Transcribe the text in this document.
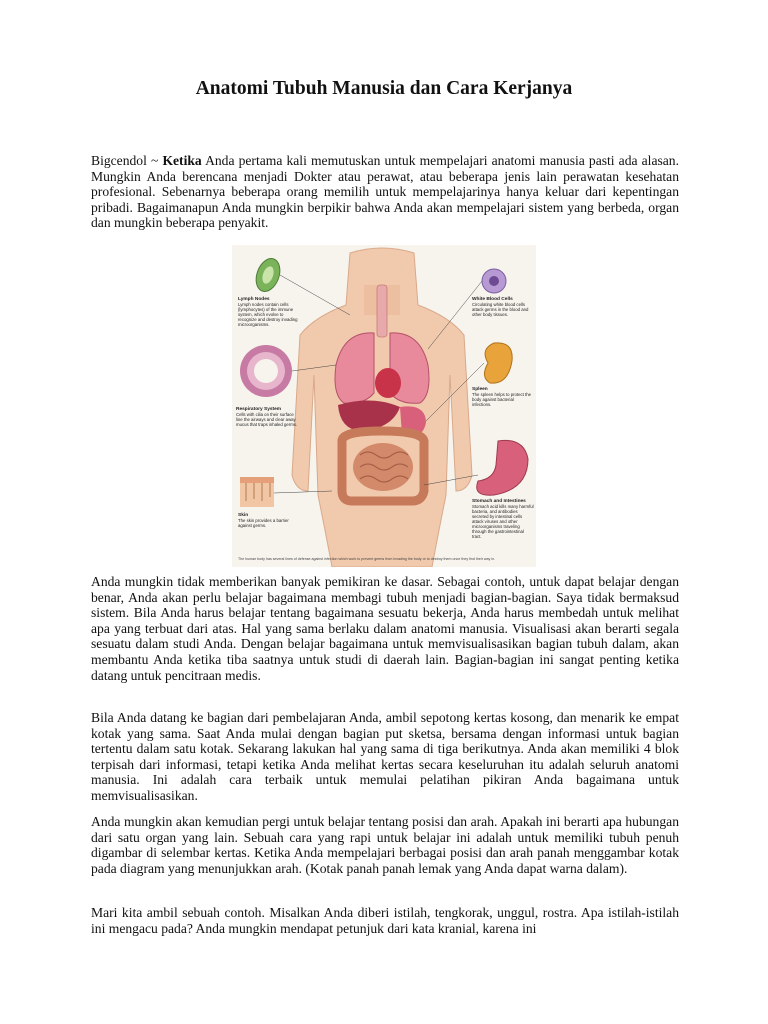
Anatomi Tubuh Manusia dan Cara Kerjanya

Bigcendol ~ Ketika Anda pertama kali memutuskan untuk mempelajari anatomi manusia pasti ada alasan. Mungkin Anda berencana menjadi Dokter atau perawat, atau beberapa jenis lain perawatan kesehatan profesional. Sebenarnya beberapa orang memilih untuk mempelajarinya hanya keluar dari kepentingan pribadi. Bagaimanapun Anda mungkin berpikir bahwa Anda akan mempelajari sistem yang berbeda, organ dan mungkin beberapa penyakit.

Lymph Nodes
Lymph nodes contain cells (lymphocytes) of the immune system, which evolve to recognize and destroy invading microorganisms.
Respiratory System
Cells with cilia on their surface line the airways and clear away mucus that traps inhaled germs.
Skin
The skin provides a barrier against germs.
White Blood Cells
Circulating white blood cells attack germs in the blood and other body tissues.
Spleen
The spleen helps to protect the body against bacterial infections.
Stomach and Intestines
Stomach acid kills many harmful bacteria, and antibodies secreted by intestinal cells attack viruses and other microorganisms traveling through the gastrointestinal tract.
The human body has several lines of defense against infection which work to prevent germs from invading the body or to destroy them once they find their way in.

Anda mungkin tidak memberikan banyak pemikiran ke dasar. Sebagai contoh, untuk dapat belajar dengan benar, Anda akan perlu belajar bagaimana membagi tubuh menjadi bagian-bagian. Saya tidak bermaksud sistem. Bila Anda harus belajar tentang bagaimana sesuatu bekerja, Anda harus membedah untuk melihat apa yang terbuat dari atas. Hal yang sama berlaku dalam anatomi manusia. Visualisasi akan berarti segala sesuatu dalam studi Anda. Dengan belajar bagaimana untuk memvisualisasikan bagian tubuh dalam, akan membantu Anda ketika tiba saatnya untuk studi di daerah lain. Bagian-bagian ini sangat penting ketika datang untuk pencitraan medis.

Bila Anda datang ke bagian dari pembelajaran Anda, ambil sepotong kertas kosong, dan menarik ke empat kotak yang sama. Saat Anda mulai dengan bagian put sketsa, bersama dengan informasi untuk bagian tertentu dalam satu kotak. Sekarang lakukan hal yang sama di tiga berikutnya. Anda akan memiliki 4 blok terpisah dari informasi, tetapi ketika Anda melihat kertas secara keseluruhan itu adalah seluruh anatomi manusia. Ini adalah cara terbaik untuk memulai pelatihan pikiran Anda bagaimana untuk memvisualisasikan.

Anda mungkin akan kemudian pergi untuk belajar tentang posisi dan arah. Apakah ini berarti apa hubungan dari satu organ yang lain. Sebuah cara yang rapi untuk belajar ini adalah untuk memiliki tubuh penuh digambar di selembar kertas. Ketika Anda mempelajari berbagai posisi dan arah panah menggambar kotak pada diagram yang menunjukkan arah. (Kotak panah panah lemak yang Anda dapat warna dalam).

Mari kita ambil sebuah contoh. Misalkan Anda diberi istilah, tengkorak, unggul, rostra. Apa istilah-istilah ini mengacu pada? Anda mungkin mendapat petunjuk dari kata kranial, karena ini
